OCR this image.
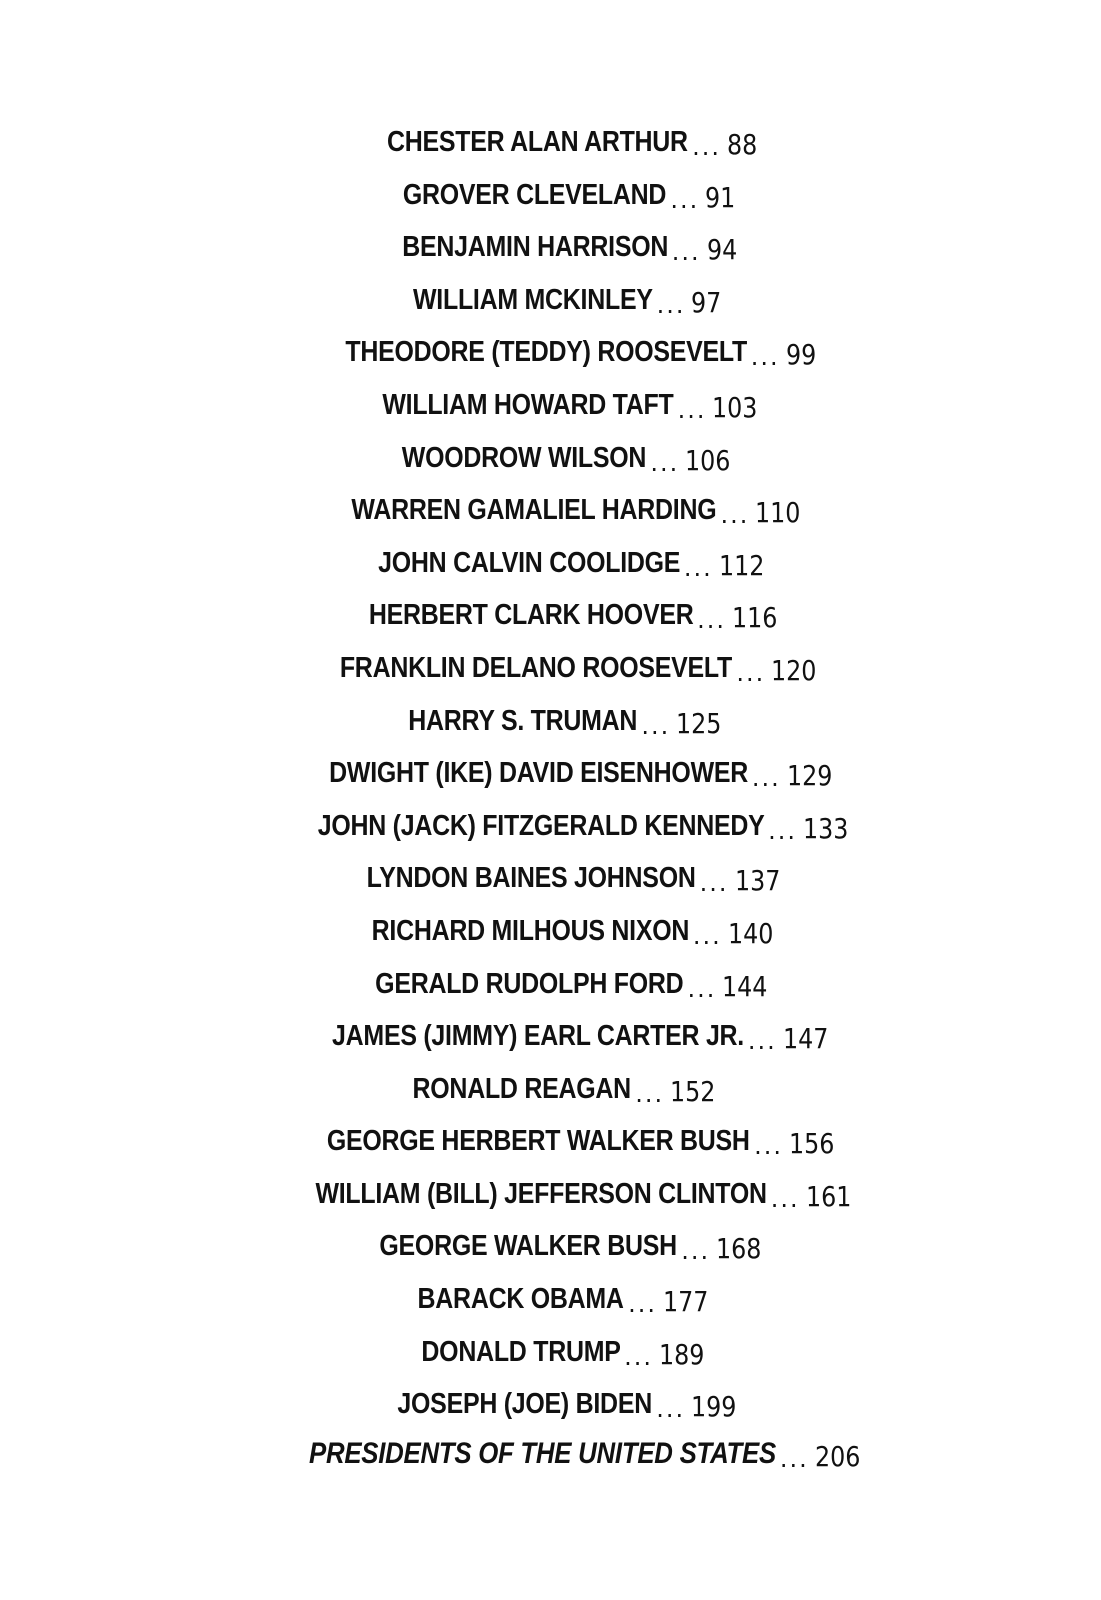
CHESTER ALAN ARTHUR ... 88
GROVER CLEVELAND ... 91
BENJAMIN HARRISON ... 94
WILLIAM MCKINLEY ... 97
THEODORE (TEDDY) ROOSEVELT ... 99
WILLIAM HOWARD TAFT ... 103
WOODROW WILSON ... 106
WARREN GAMALIEL HARDING ... 110
JOHN CALVIN COOLIDGE ... 112
HERBERT CLARK HOOVER ... 116
FRANKLIN DELANO ROOSEVELT ... 120
HARRY S. TRUMAN ... 125
DWIGHT (IKE) DAVID EISENHOWER ... 129
JOHN (JACK) FITZGERALD KENNEDY ... 133
LYNDON BAINES JOHNSON ... 137
RICHARD MILHOUS NIXON ... 140
GERALD RUDOLPH FORD ... 144
JAMES (JIMMY) EARL CARTER JR. ... 147
RONALD REAGAN ... 152
GEORGE HERBERT WALKER BUSH ... 156
WILLIAM (BILL) JEFFERSON CLINTON ... 161
GEORGE WALKER BUSH ... 168
BARACK OBAMA ... 177
DONALD TRUMP ... 189
JOSEPH (JOE) BIDEN ... 199
PRESIDENTS OF THE UNITED STATES ... 206
